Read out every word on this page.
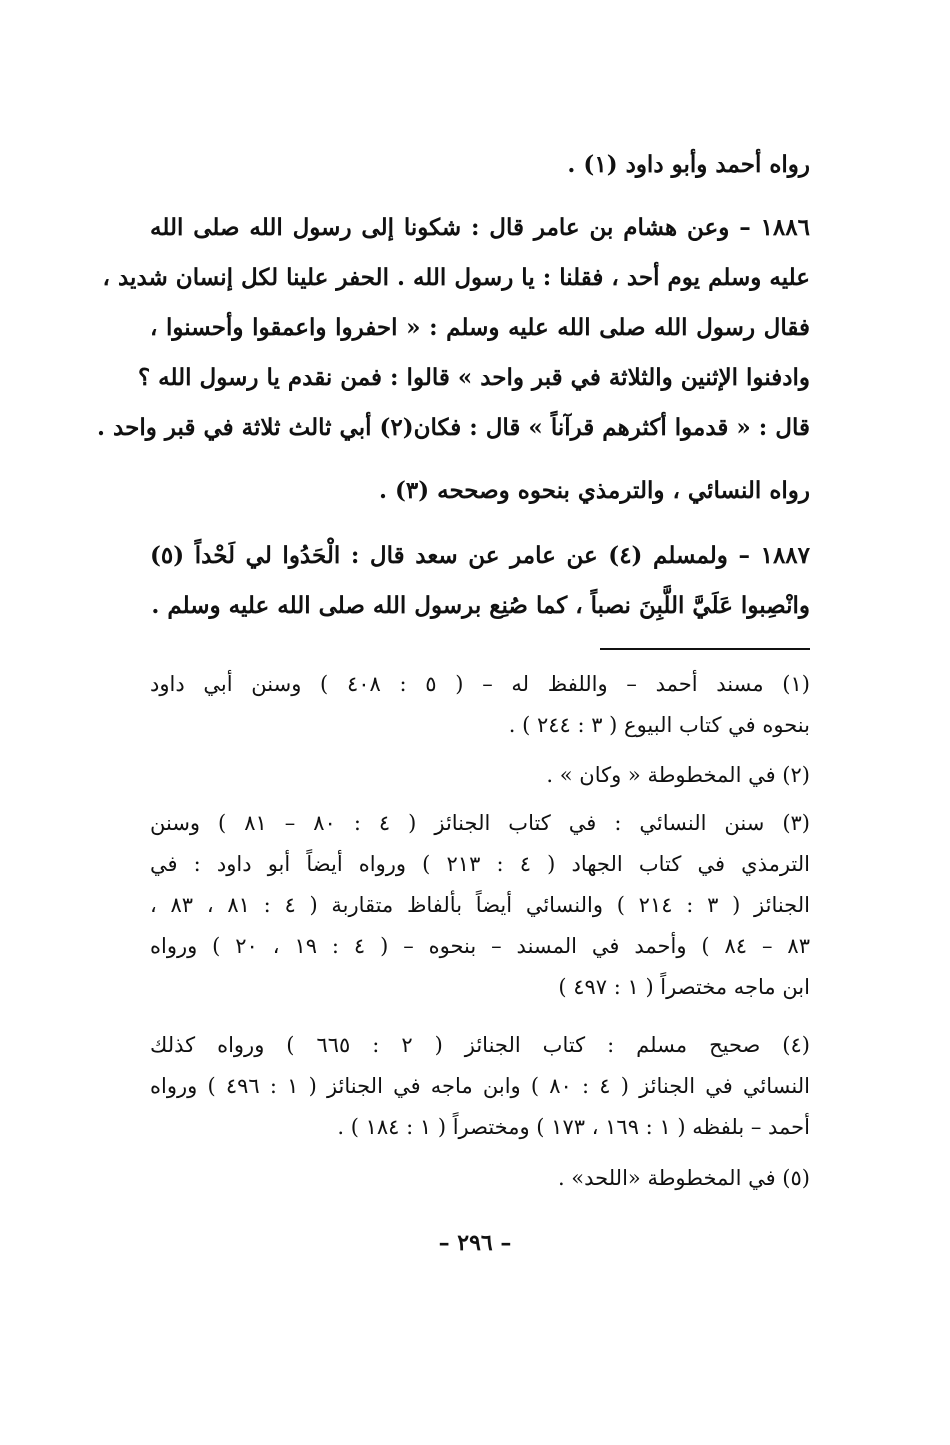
رواه أحمد وأبو داود (١) .
١٨٨٦ – وعن هشام بن عامر قال : شكونا إلى رسول الله صلى الله
عليه وسلم يوم أحد ، فقلنا : يا رسول الله . الحفر علينا لكل إنسان شديد ،
فقال رسول الله صلى الله عليه وسلم : « احفروا واعمقوا وأحسنوا ،
وادفنوا الإثنين والثلاثة في قبر واحد » قالوا : فمن نقدم يا رسول الله ؟
قال : « قدموا أكثرهم قرآناً » قال : فكان(٢) أبي ثالث ثلاثة في قبر واحد .
رواه النسائي ، والترمذي بنحوه وصححه (٣) .
١٨٨٧ – ولمسلم (٤) عن عامر عن سعد قال : الْحَدُوا لي لَحْداً (٥)
وانْصِبوا عَلَيَّ اللَّبِنَ نصباً ، كما صُنِع برسول الله صلى الله عليه وسلم .
(١) مسند أحمد – واللفظ له – ( ٥ : ٤٠٨ ) وسنن أبي داود
بنحوه في كتاب البيوع ( ٣ : ٢٤٤ ) .
(٢) في المخطوطة « وكان » .
(٣) سنن النسائي : في كتاب الجنائز ( ٤ : ٨٠ – ٨١ ) وسنن
الترمذي في كتاب الجهاد ( ٤ : ٢١٣ ) ورواه أيضاً أبو داود : في
الجنائز ( ٣ : ٢١٤ ) والنسائي أيضاً بألفاظ متقاربة ( ٤ : ٨١ ، ٨٣ ،
٨٣ – ٨٤ ) وأحمد في المسند – بنحوه – ( ٤ : ١٩ ، ٢٠ ) ورواه
ابن ماجه مختصراً ( ١ : ٤٩٧ )
(٤) صحيح مسلم : كتاب الجنائز ( ٢ : ٦٦٥ ) ورواه كذلك
النسائي في الجنائز ( ٤ : ٨٠ ) وابن ماجه في الجنائز ( ١ : ٤٩٦ ) ورواه
أحمد – بلفظه ( ١ : ١٦٩ ، ١٧٣ ) ومختصراً ( ١ : ١٨٤ ) .
(٥) في المخطوطة «اللحد» .
– ٢٩٦ –
